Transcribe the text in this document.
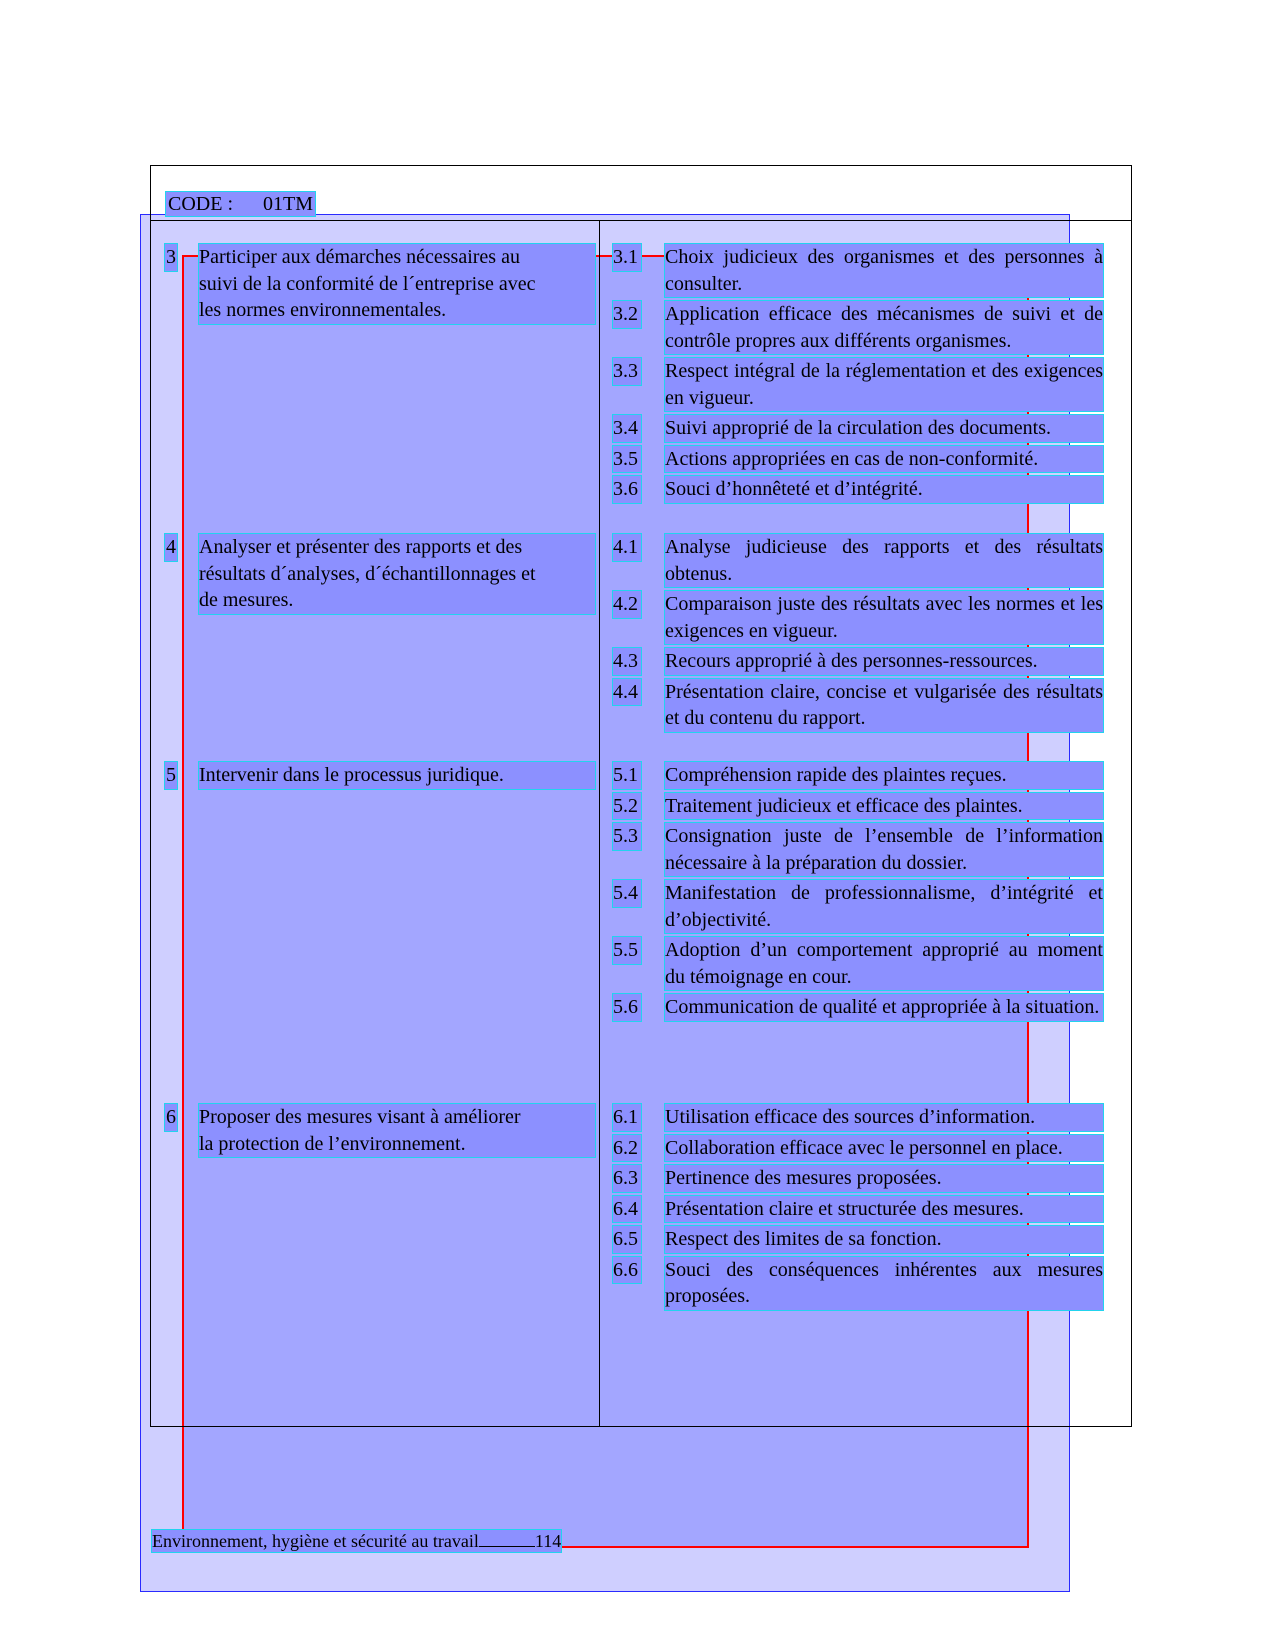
CODE : 01TM
3 Participer aux démarches nécessaires au
suivi de la conformité de l´entreprise avec
les normes environnementales.
3.1 Choix judicieux des organismes et des personnes à consulter.
3.2 Application efficace des mécanismes de suivi et de contrôle propres aux différents organismes.
3.3 Respect intégral de la réglementation et des exigences en vigueur.
3.4 Suivi approprié de la circulation des documents.
3.5 Actions appropriées en cas de non-conformité.
3.6 Souci d’honnêteté et d’intégrité.
4 Analyser et présenter des rapports et des
résultats d´analyses, d´échantillonnages et
de mesures.
4.1 Analyse judicieuse des rapports et des résultats obtenus.
4.2 Comparaison juste des résultats avec les normes et les exigences en vigueur.
4.3 Recours approprié à des personnes-ressources.
4.4 Présentation claire, concise et vulgarisée des résultats et du contenu du rapport.
5 Intervenir dans le processus juridique.	5.1 Compréhension rapide des plaintes reçues.
5.2 Traitement judicieux et efficace des plaintes.
5.3 Consignation juste de l’ensemble de l’information nécessaire à la préparation du dossier.
5.4 Manifestation de professionnalisme, d’intégrité et d’objectivité.
5.5 Adoption d’un comportement approprié au moment du témoignage en cour.
5.6 Communication de qualité et appropriée à la situation.
6 Proposer des mesures visant à améliorer
la protection de l’environnement.
6.1 Utilisation efficace des sources d’information.
6.2 Collaboration efficace avec le personnel en place.
6.3 Pertinence des mesures proposées.
6.4 Présentation claire et structurée des mesures.
6.5 Respect des limites de sa fonction.
6.6 Souci des conséquences inhérentes aux mesures proposées.
Environnement, hygiène et sécurité au travail	114
